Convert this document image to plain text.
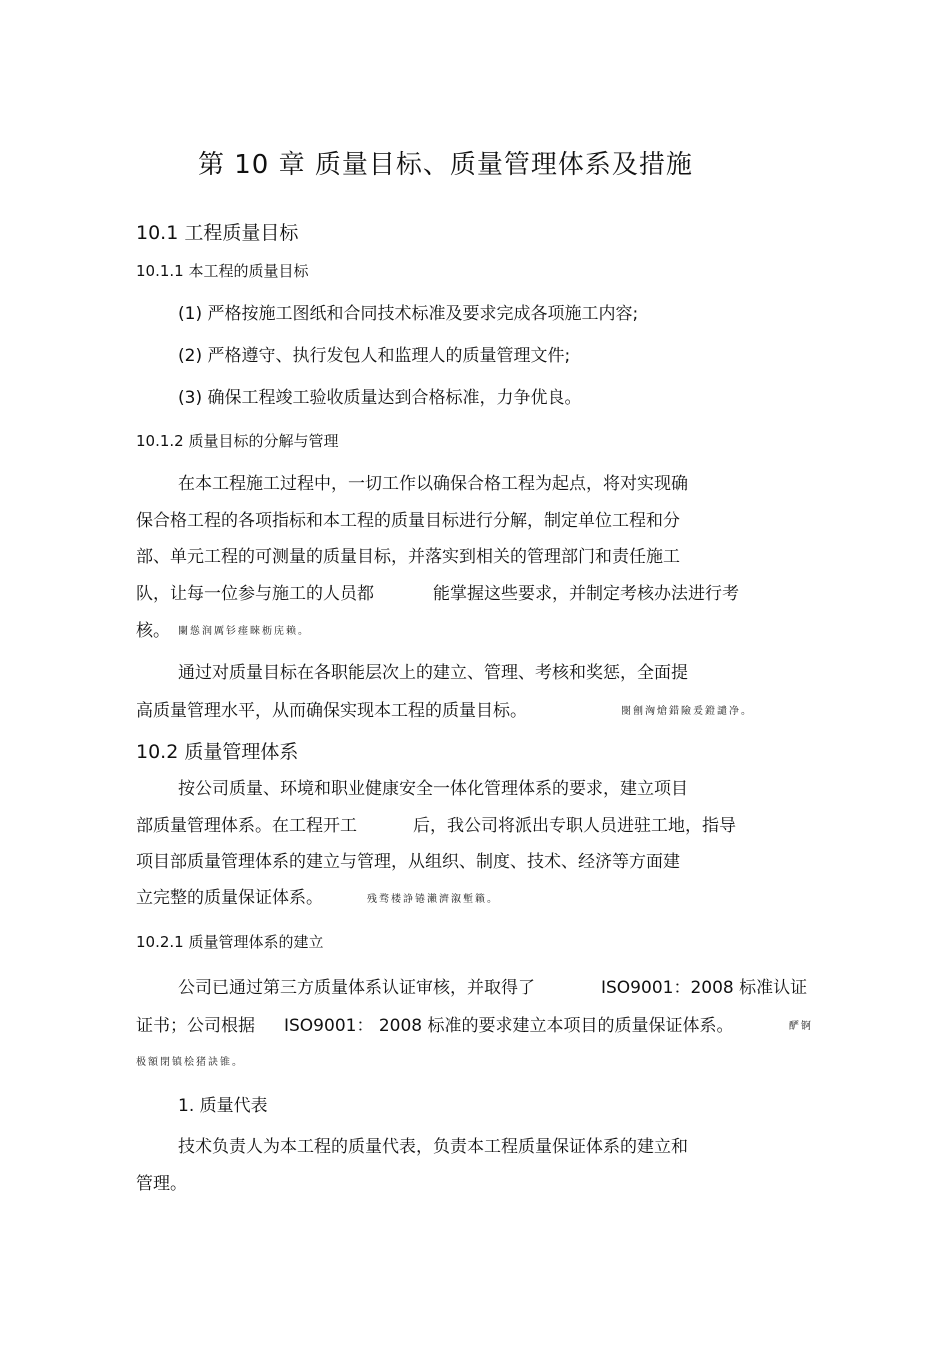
第 10 章 质量目标、质量管理体系及措施
10.1 工程质量目标
10.1.1 本工程的质量目标
(1) 严格按施工图纸和合同技术标准及要求完成各项施工内容;
(2) 严格遵守、执行发包人和监理人的质量管理文件;
(3) 确保工程竣工验收质量达到合格标准，力争优良。
10.1.2 质量目标的分解与管理
在本工程施工过程中，一切工作以确保合格工程为起点，将对实现确
保合格工程的各项指标和本工程的质量目标进行分解，制定单位工程和分
部、单元工程的可测量的质量目标，并落实到相关的管理部门和责任施工
队，让每一位参与施工的人员都	能掌握这些要求，并制定考核办法进行考
核。 闌慫润厲钐瘗睞枥庑赖。
通过对质量目标在各职能层次上的建立、管理、考核和奖惩，全面提
高质量管理水平，从而确保实现本工程的质量目标。	閿劊洶熗錯險爰鐙譴净。
10.2 质量管理体系
按公司质量、环境和职业健康安全一体化管理体系的要求，建立项目
部质量管理体系。在工程开工	后，我公司将派出专职人员进驻工地，指导
项目部质量管理体系的建立与管理，从组织、制度、技术、经济等方面建
立完整的质量保证体系。	残骛楼諍锩瀨濟溆塹籟。
10.2.1 质量管理体系的建立
公司已通过第三方质量体系认证审核，并取得了	ISO9001：2008 标准认证
证书；公司根据 ISO9001： 2008 标准的要求建立本项目的质量保证体系。	酽锕
极額閉镇桧猪訣锥。
1. 质量代表
技术负责人为本工程的质量代表，负责本工程质量保证体系的建立和
管理。
